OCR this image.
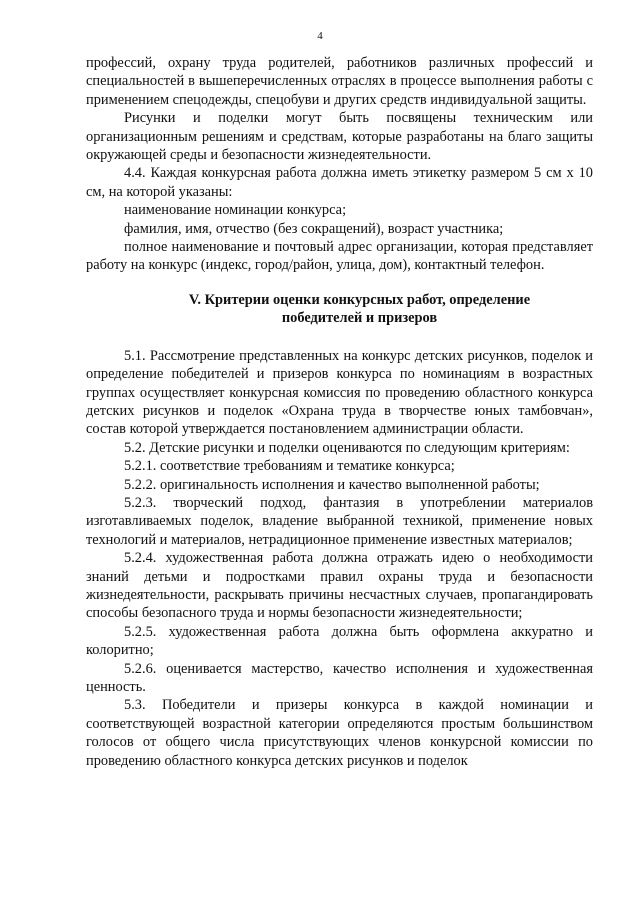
4

профессий, охрану труда родителей, работников различных профессий и специальностей в вышеперечисленных отраслях в процессе выполнения работы с применением спецодежды, спецобуви и других средств индивидуальной защиты.

Рисунки и поделки могут быть посвящены техническим или организационным решениям и средствам, которые разработаны на благо защиты окружающей среды и безопасности жизнедеятельности.

4.4. Каждая конкурсная работа должна иметь этикетку размером 5 см х 10 см, на которой указаны:

наименование номинации конкурса;

фамилия, имя, отчество (без сокращений), возраст участника;

полное наименование и почтовый адрес организации, которая представляет работу на конкурс (индекс, город/район, улица, дом), контактный телефон.

V. Критерии оценки конкурсных работ, определение
победителей и призеров

5.1. Рассмотрение представленных на конкурс детских рисунков, поделок и определение победителей и призеров конкурса по номинациям в возрастных группах осуществляет конкурсная комиссия по проведению областного конкурса детских рисунков и поделок «Охрана труда в творчестве юных тамбовчан», состав которой утверждается постановлением администрации области.

5.2. Детские рисунки и поделки оцениваются по следующим критериям:

5.2.1. соответствие требованиям и тематике конкурса;

5.2.2. оригинальность исполнения и качество выполненной работы;

5.2.3. творческий подход, фантазия в употреблении материалов изготавливаемых поделок, владение выбранной техникой, применение новых технологий и материалов, нетрадиционное применение известных материалов;

5.2.4. художественная работа должна отражать идею о необходимости знаний детьми и подростками правил охраны труда и безопасности жизнедеятельности, раскрывать причины несчастных случаев, пропагандировать способы безопасного труда и нормы безопасности жизнедеятельности;

5.2.5. художественная работа должна быть оформлена аккуратно и колоритно;

5.2.6. оценивается мастерство, качество исполнения и художественная ценность.

5.3. Победители и призеры конкурса в каждой номинации и соответствующей возрастной категории определяются простым большинством голосов от общего числа присутствующих членов конкурсной комиссии по проведению областного конкурса детских рисунков и поделок
